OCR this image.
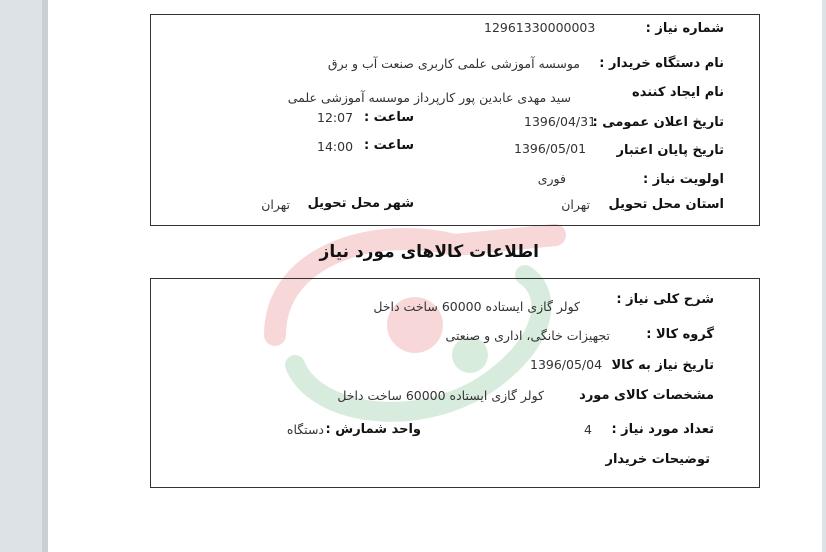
شماره نیاز :
12961330000003
نام دستگاه خریدار :
موسسه آموزشی علمی کاربری صنعت آب و برق
نام ایجاد کننده
سید مهدی عابدین پور کارپرداز موسسه آموزشی علمی
تاریخ اعلان عمومی :
1396/04/31
ساعت :
12:07
تاریخ پایان اعتبار
1396/05/01
ساعت :
14:00
اولویت نیاز :
فوری
استان محل تحویل
تهران
شهر محل تحویل
تهران
اطلاعات کالاهای مورد نیاز
شرح کلی نیاز :
کولر گازی ایستاده 60000 ساخت داخل
گروه کالا :
تجهیزات خانگی، اداری و صنعتی
تاریخ نیاز به کالا
1396/05/04
مشخصات کالای مورد
کولر گازی ایستاده 60000 ساخت داخل
تعداد مورد نیاز :
4
واحد شمارش :
دستگاه
توضیحات خریدار
